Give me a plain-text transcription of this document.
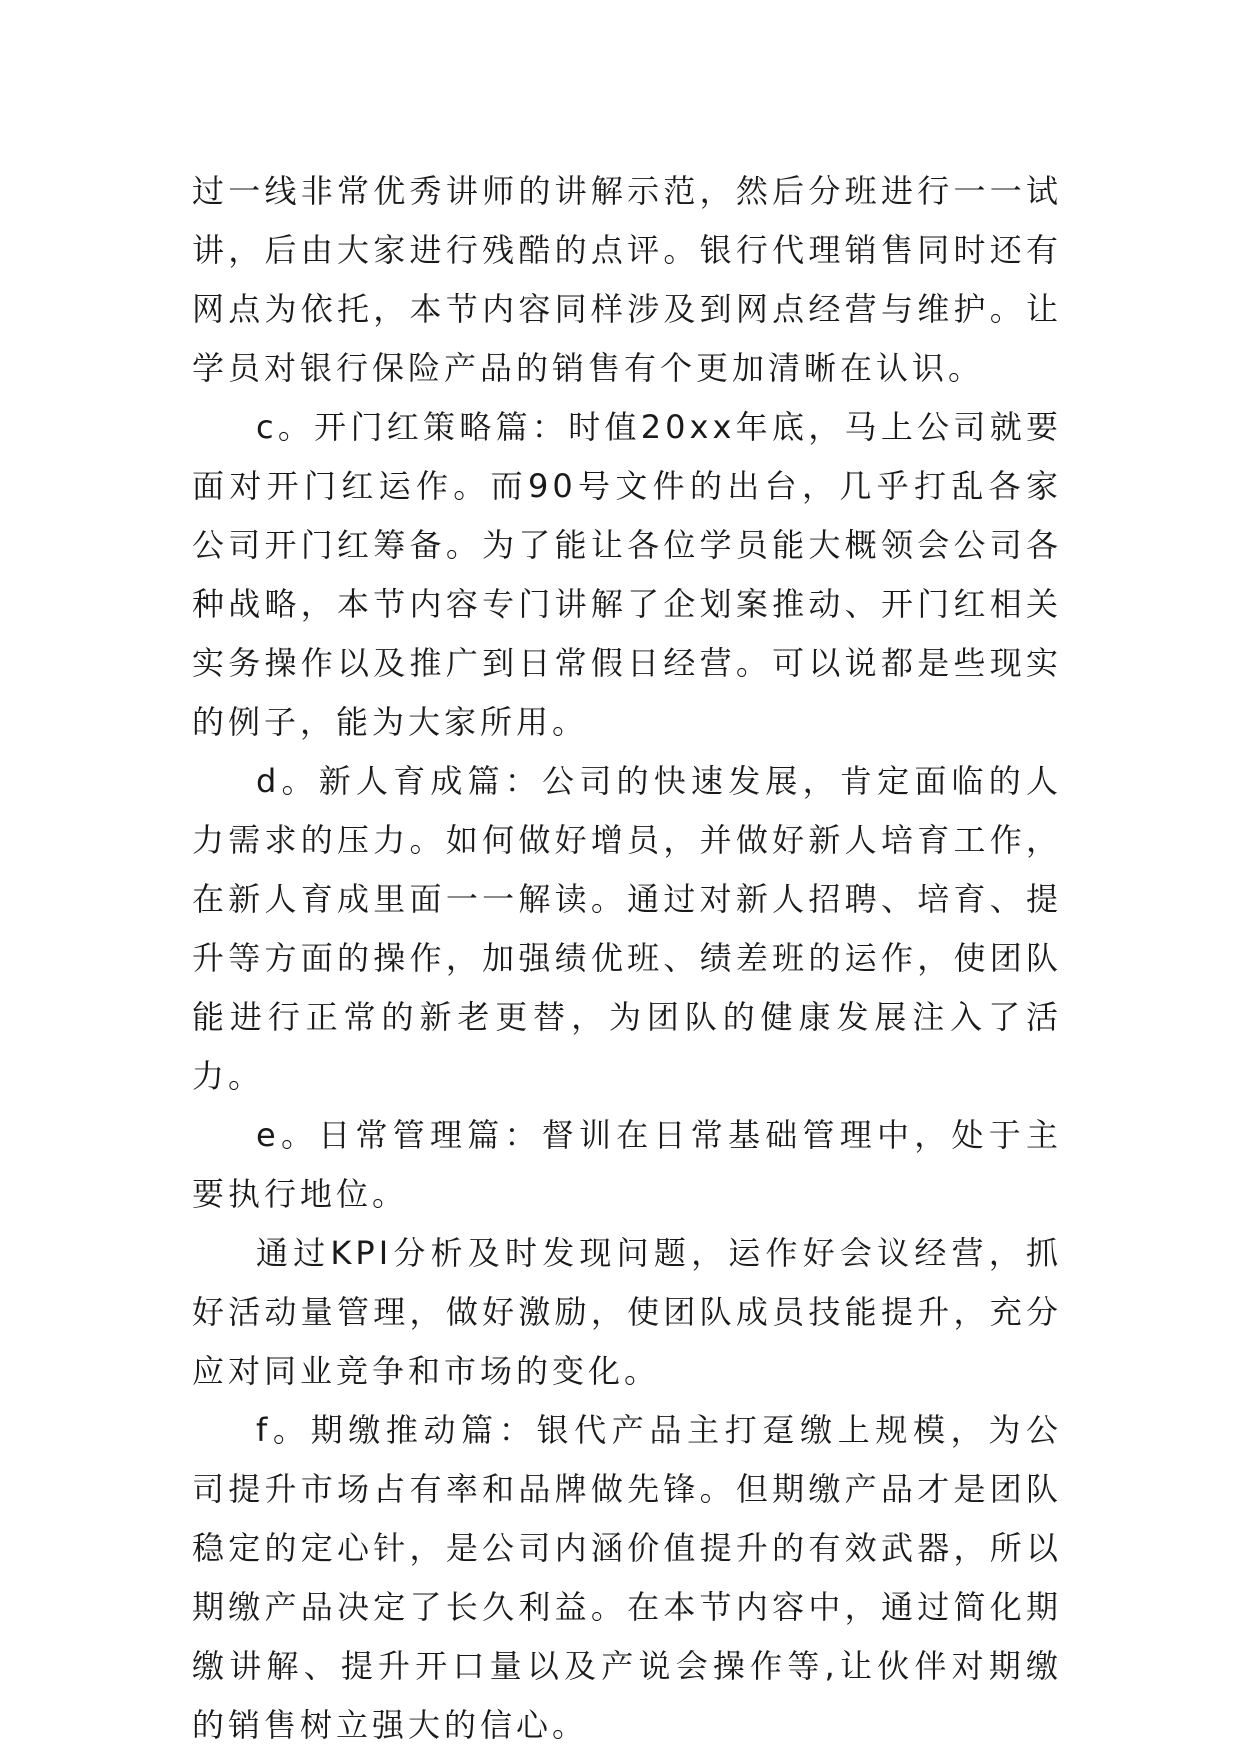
过一线非常优秀讲师的讲解示范，然后分班进行一一试讲，后由大家进行残酷的点评。银行代理销售同时还有网点为依托，本节内容同样涉及到网点经营与维护。让学员对银行保险产品的销售有个更加清晰在认识。

c。开门红策略篇：时值20xx年底，马上公司就要面对开门红运作。而90号文件的出台，几乎打乱各家公司开门红筹备。为了能让各位学员能大概领会公司各种战略，本节内容专门讲解了企划案推动、开门红相关实务操作以及推广到日常假日经营。可以说都是些现实的例子，能为大家所用。

d。新人育成篇：公司的快速发展，肯定面临的人力需求的压力。如何做好增员，并做好新人培育工作，在新人育成里面一一解读。通过对新人招聘、培育、提升等方面的操作，加强绩优班、绩差班的运作，使团队能进行正常的新老更替，为团队的健康发展注入了活力。

e。日常管理篇：督训在日常基础管理中，处于主要执行地位。

通过KPI分析及时发现问题，运作好会议经营，抓好活动量管理，做好激励，使团队成员技能提升，充分应对同业竞争和市场的变化。

f。期缴推动篇：银代产品主打趸缴上规模，为公司提升市场占有率和品牌做先锋。但期缴产品才是团队稳定的定心针，是公司内涵价值提升的有效武器，所以期缴产品决定了长久利益。在本节内容中，通过简化期缴讲解、提升开口量以及产说会操作等,让伙伴对期缴的销售树立强大的信心。
